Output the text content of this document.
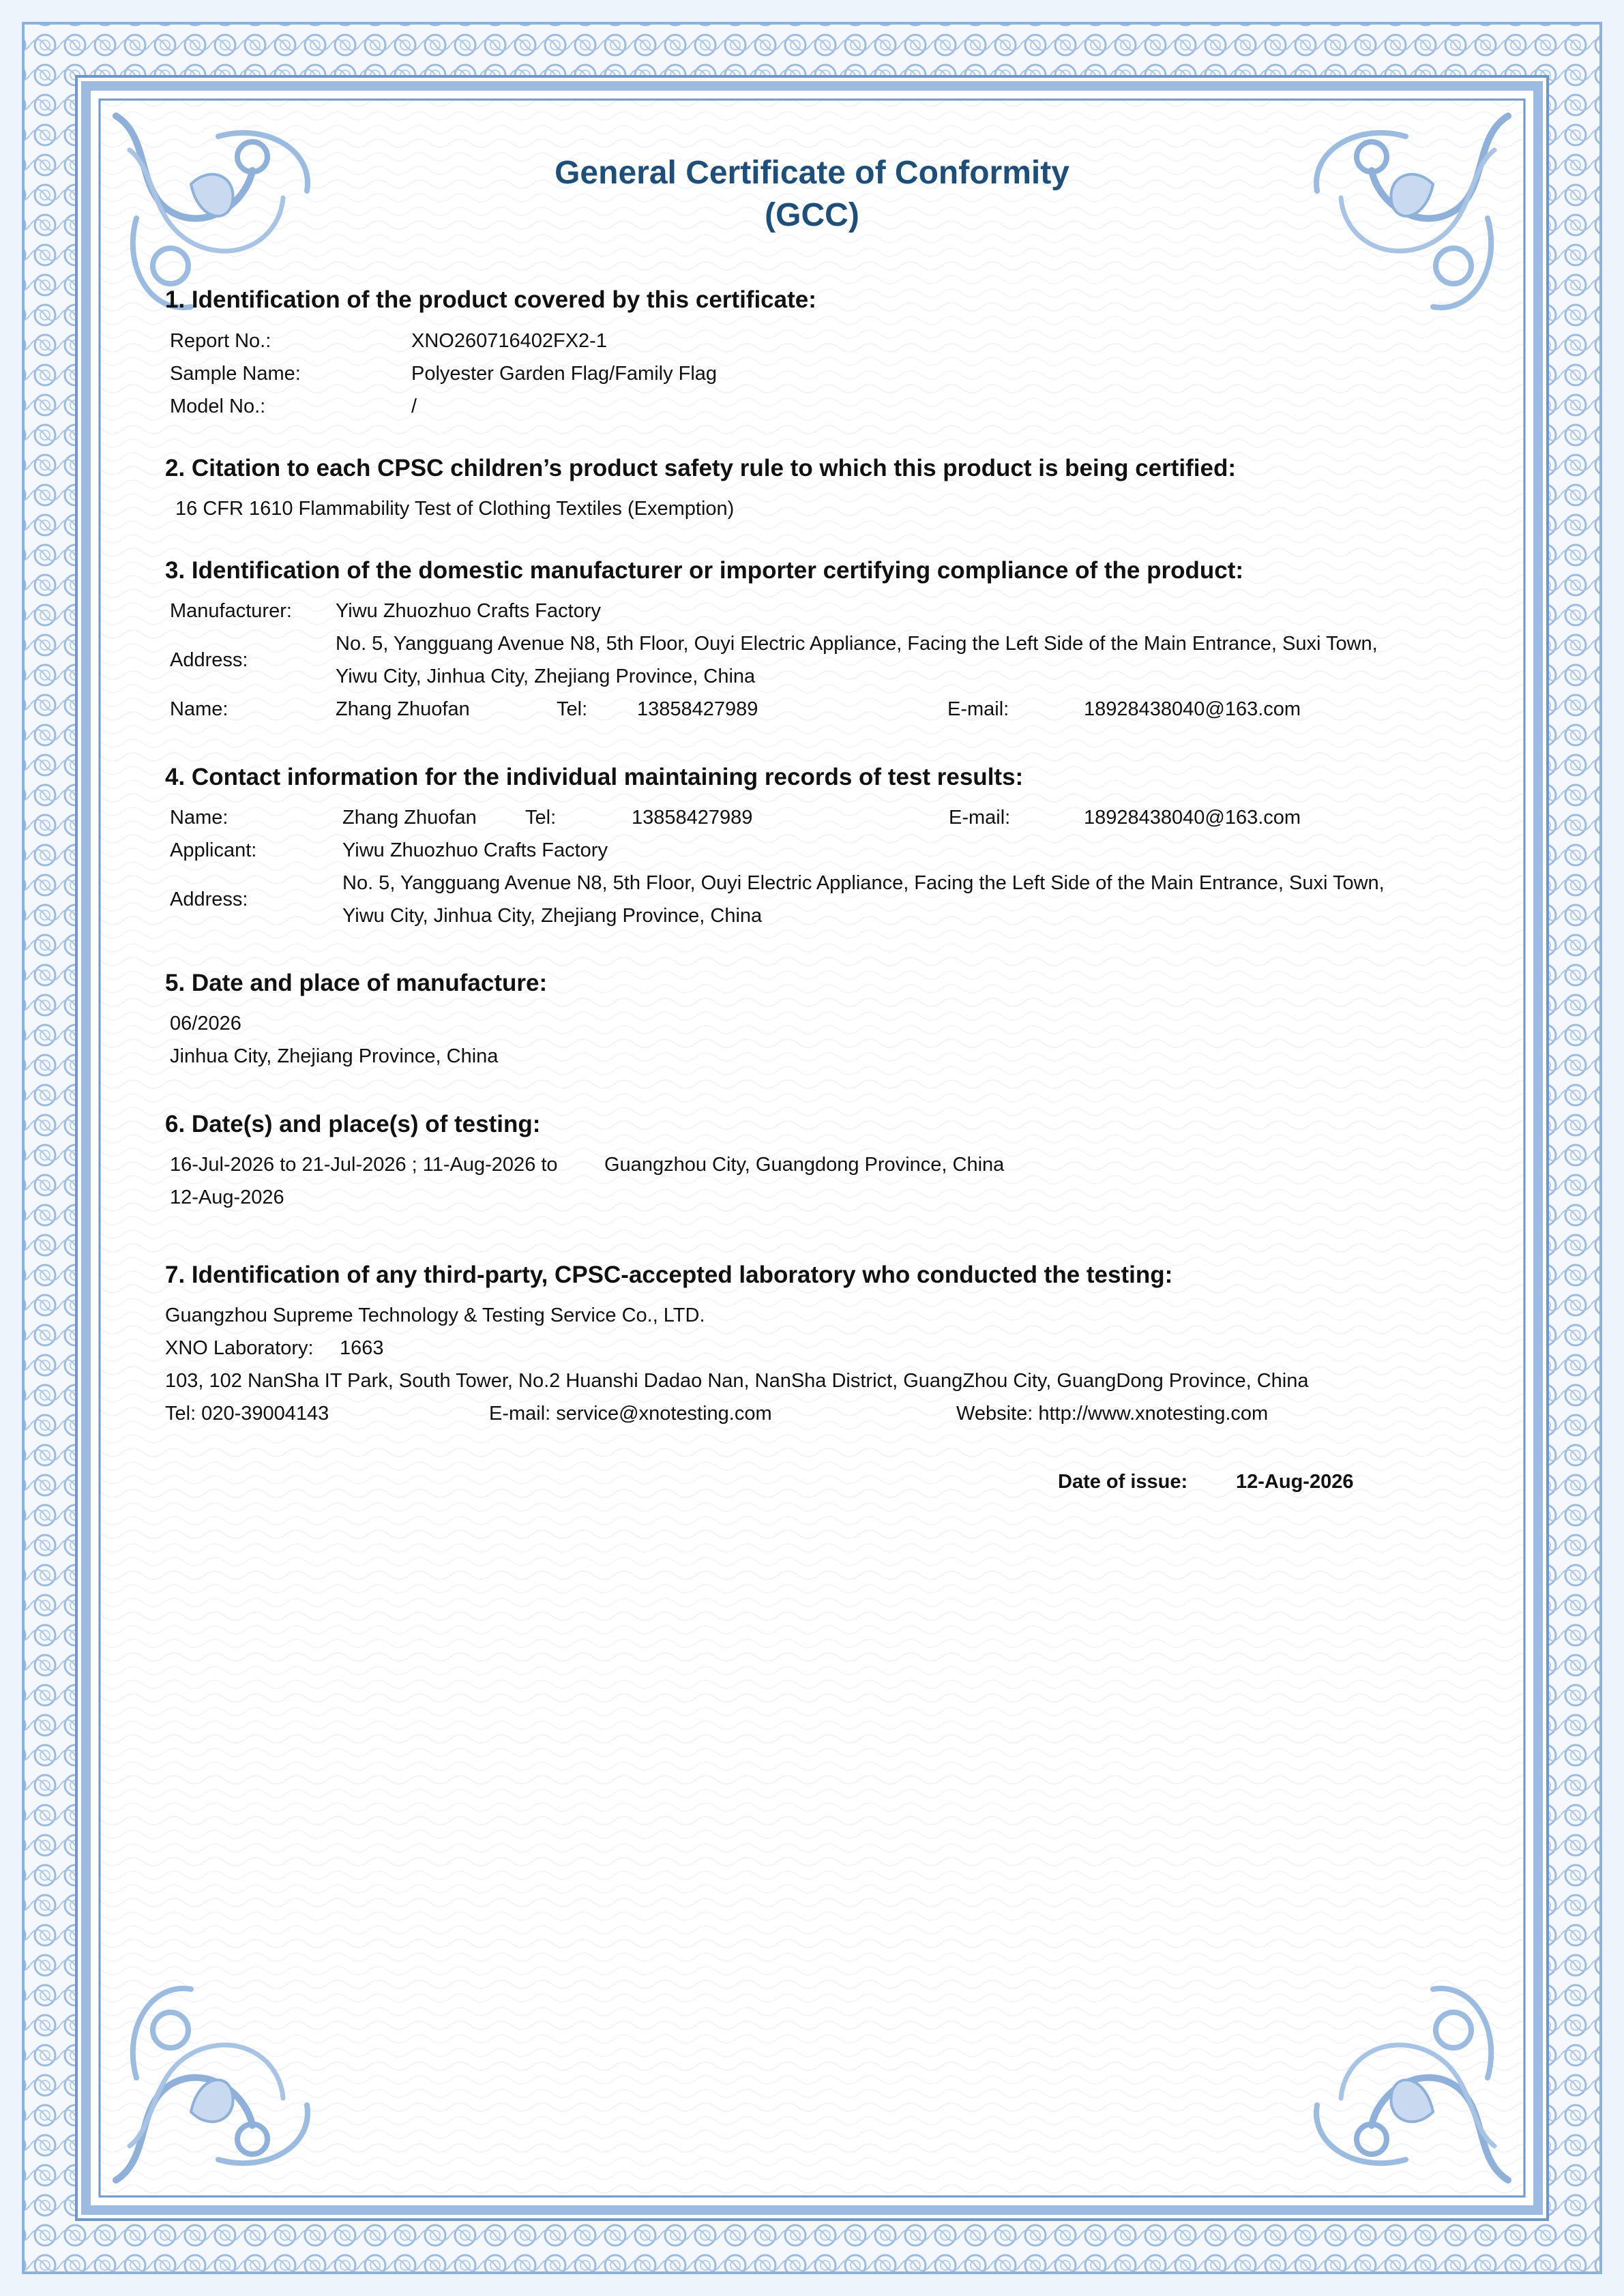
General Certificate of Conformity
(GCC)
1. Identification of the product covered by this certificate:
Report No.:	XNO260716402FX2-1
Sample Name:	Polyester Garden Flag/Family Flag
Model No.:	/
2. Citation to each CPSC children’s product safety rule to which this product is being certified:
16 CFR 1610 Flammability Test of Clothing Textiles (Exemption)
3. Identification of the domestic manufacturer or importer certifying compliance of the product:
Manufacturer: Yiwu Zhuozhuo Crafts Factory
Address:
No. 5, Yangguang Avenue N8, 5th Floor, Ouyi Electric Appliance, Facing the Left Side of the Main Entrance, Suxi Town,
Yiwu City, Jinhua City, Zhejiang Province, China
Name:	Zhang Zhuofan	Tel:	13858427989	E-mail:	18928438040@163.com
4. Contact information for the individual maintaining records of test results:
Name:	Zhang Zhuofan Tel:	13858427989	E-mail:	18928438040@163.com
Applicant:	Yiwu Zhuozhuo Crafts Factory
Address:
No. 5, Yangguang Avenue N8, 5th Floor, Ouyi Electric Appliance, Facing the Left Side of the Main Entrance, Suxi Town,
Yiwu City, Jinhua City, Zhejiang Province, China
5. Date and place of manufacture:
06/2026
Jinhua City, Zhejiang Province, China
6. Date(s) and place(s) of testing:
16-Jul-2026 to 21-Jul-2026 ; 11-Aug-2026 to
12-Aug-2026
Guangzhou City, Guangdong Province, China
7. Identification of any third-party, CPSC-accepted laboratory who conducted the testing:
Guangzhou Supreme Technology & Testing Service Co., LTD.
XNO Laboratory: 1663
103, 102 NanSha IT Park, South Tower, No.2 Huanshi Dadao Nan, NanSha District, GuangZhou City, GuangDong Province, China
Tel: 020-39004143	E-mail: service@xnotesting.com	Website: http://www.xnotesting.com
Date of issue: 12-Aug-2026
